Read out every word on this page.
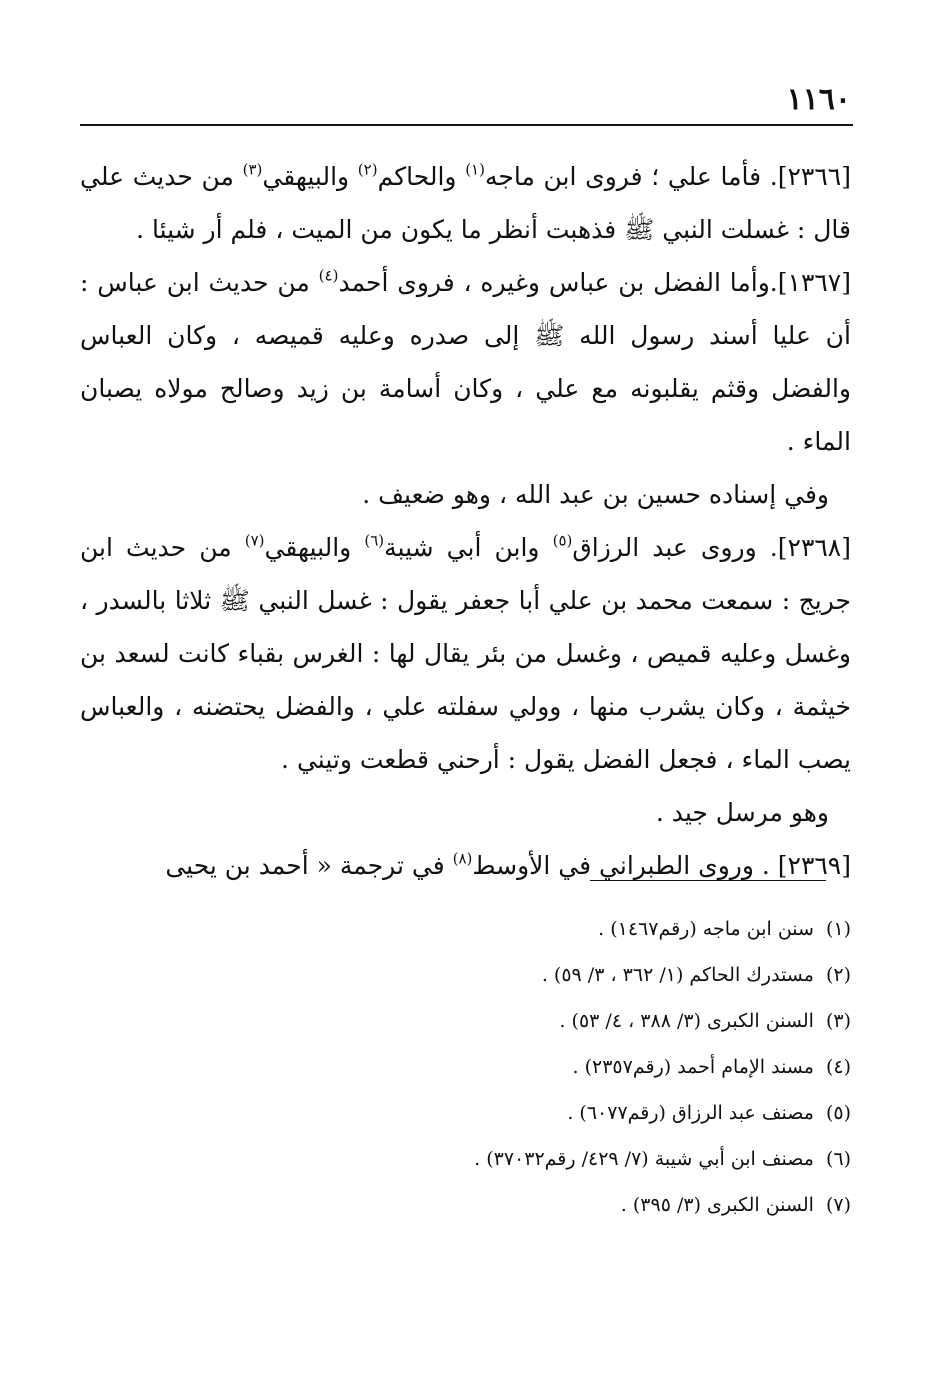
١١٦٠

[٢٣٦٦]. فأما علي ؛ فروى ابن ماجه$^{(١)}$ والحاكم$^{(٢)}$ والبيهقي$^{(٣)}$ من حديث علي قال : غسلت النبي ﷺ فذهبت أنظر ما يكون من الميت ، فلم أر شيئا .

[١٣٦٧].وأما الفضل بن عباس وغيره ، فروى أحمد$^{(٤)}$ من حديث ابن عباس : أن عليا أسند رسول الله ﷺ إلى صدره وعليه قميصه ، وكان العباس والفضل وقثم يقلبونه مع علي ، وكان أسامة بن زيد وصالح مولاه يصبان الماء .

وفي إسناده حسين بن عبد الله ، وهو ضعيف .

[٢٣٦٨]. وروى عبد الرزاق$^{(٥)}$ وابن أبي شيبة$^{(٦)}$ والبيهقي$^{(٧)}$ من حديث ابن جريج : سمعت محمد بن علي أبا جعفر يقول : غسل النبي ﷺ ثلاثا بالسدر ، وغسل وعليه قميص ، وغسل من بئر يقال لها : الغرس بقباء كانت لسعد بن خيثمة ، وكان يشرب منها ، وولي سفلته علي ، والفضل يحتضنه ، والعباس يصب الماء ، فجعل الفضل يقول : أرحني قطعت وتيني .

وهو مرسل جيد .

[٢٣٦٩] . وروى الطبراني في الأوسط$^{(٨)}$ في ترجمة « أحمد بن يحيى

(١)سنن ابن ماجه (رقم١٤٦٧) .

(٢)مستدرك الحاكم (١/ ٣٦٢ ، ٣/ ٥٩) .

(٣)السنن الكبرى (٣/ ٣٨٨ ، ٤/ ٥٣) .

(٤)مسند الإمام أحمد (رقم٢٣٥٧) .

(٥)مصنف عبد الرزاق (رقم٦٠٧٧) .

(٦)مصنف ابن أبي شيبة (٧/ ٤٢٩/ رقم٣٧٠٣٢) .

(٧)السنن الكبرى (٣/ ٣٩٥) .
